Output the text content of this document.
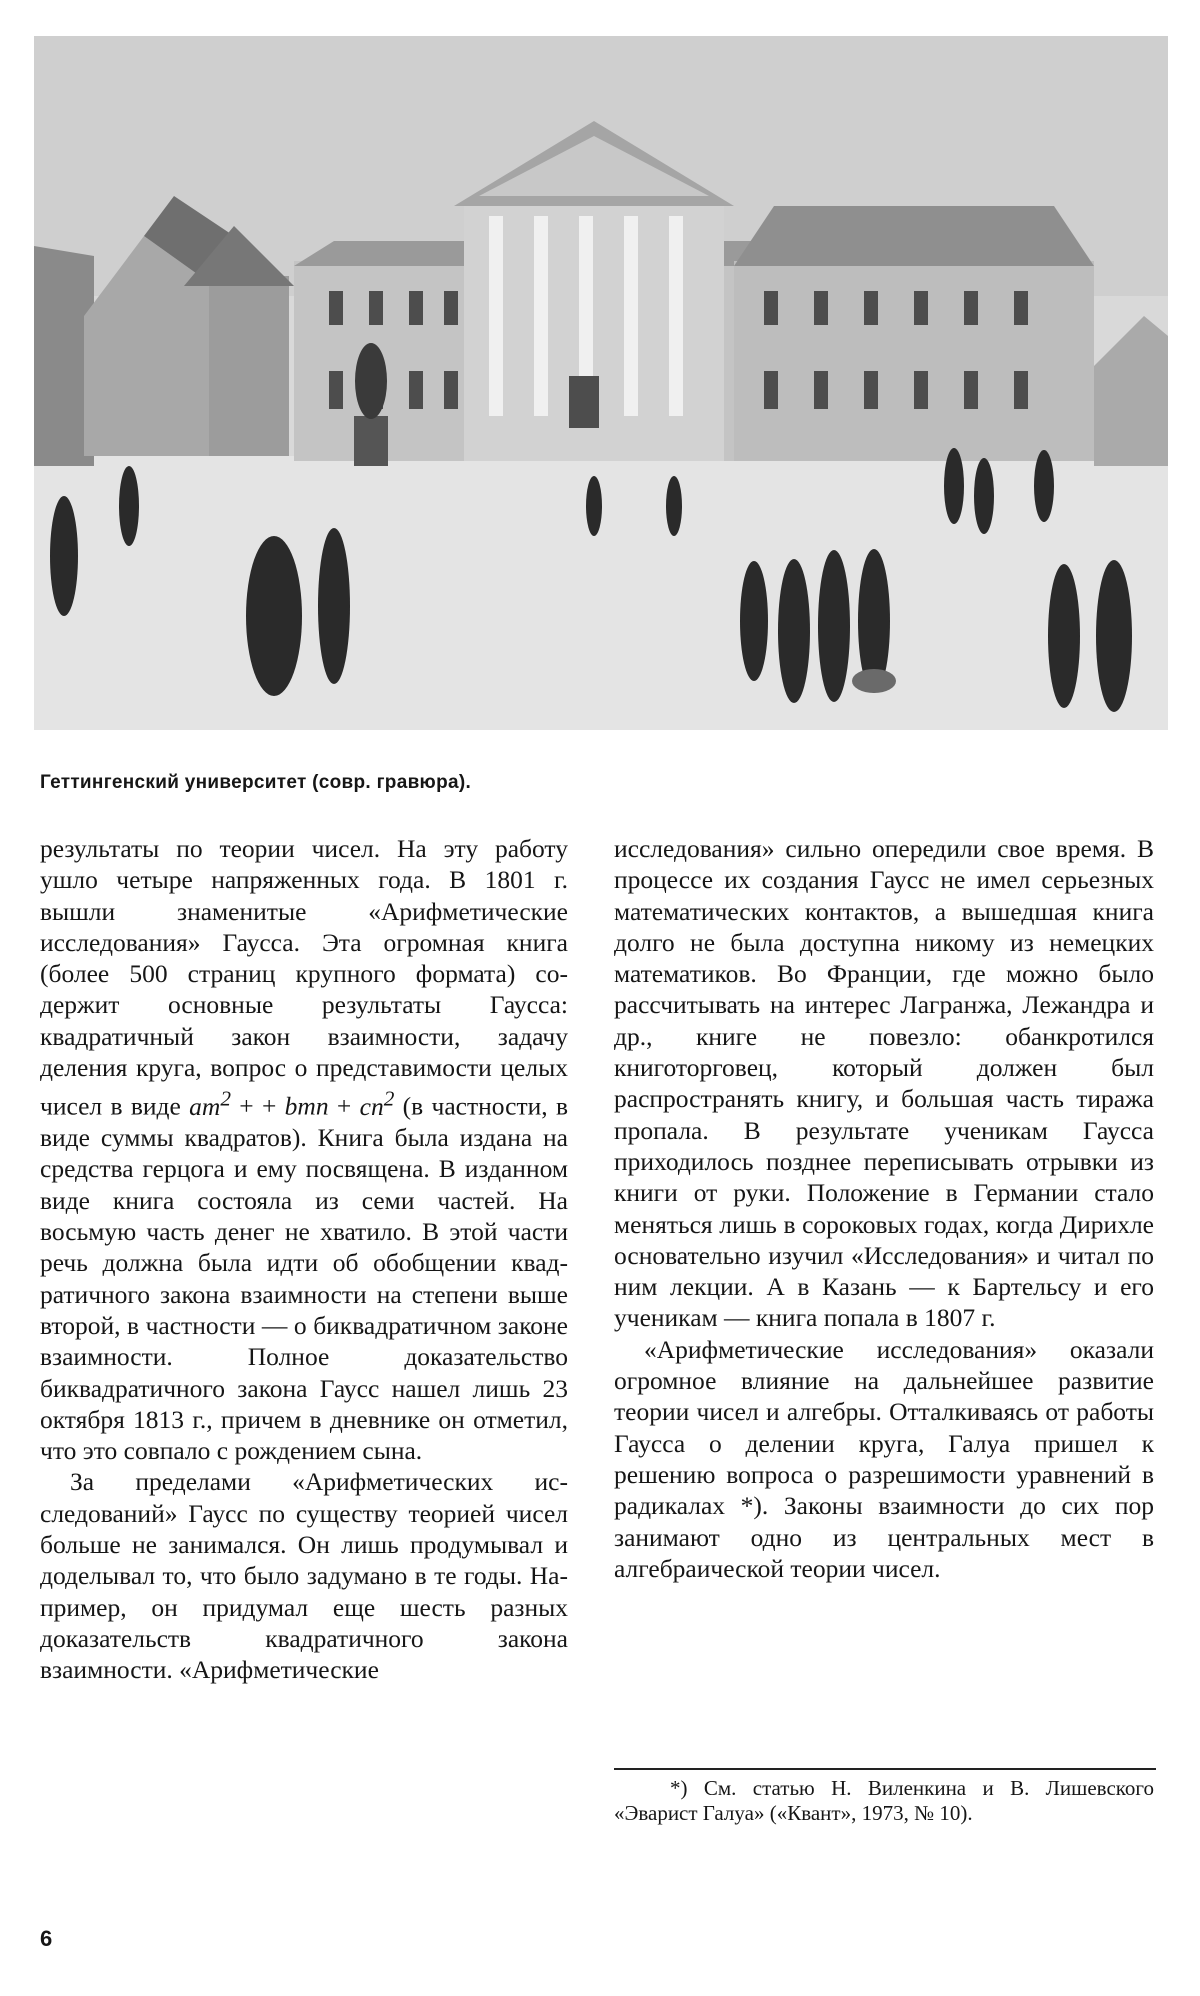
Геттингенский университет (совр. гравюра).

результаты по теории чисел. На эту работу ушло четыре напряженных года. В 1801 г. вышли знаменитые «Арифметические исследования» Гаусса. Эта огромная книга (более 500 страниц крупного формата) содержит основные результаты Гаусса: квадратичный закон взаимности, задачу деления круга, вопрос о представимости целых чисел в виде $am^2$ + + bmn + $cn^2$ (в частности, в виде суммы квадратов). Книга была издана на средства герцога и ему посвящена. В изданном виде книга состояла из семи частей. На восьмую часть денег не хватило. В этой части речь должна была идти об обобщении квадратичного закона взаимности на степени выше второй, в частности — о биквадратичном законе взаимности. Полное доказательство биквадратичного закона Гаусс нашел лишь 23 октября 1813 г., причем в дневнике он отметил, что это совпало с рождением сына.

За пределами «Арифметических исследований» Гаусс по существу теорией чисел больше не занимался. Он лишь продумывал и доделывал то, что было задумано в те годы. Например, он придумал еще шесть разных доказательств квадратичного закона взаимности. «Арифметические

исследования» сильно опередили свое время. В процессе их создания Гаусс не имел серьезных математических контактов, а вышедшая книга долго не была доступна никому из немецких математиков. Во Франции, где можно было рассчитывать на интерес Лагранжа, Лежандра и др., книге не повезло: обанкротился книготорговец, который должен был распространять книгу, и большая часть тиража пропала. В результате ученикам Гаусса приходилось позднее переписывать отрывки из книги от руки. Положение в Германии стало меняться лишь в сороковых годах, когда Дирихле основательно изучил «Исследования» и читал по ним лекции. А в Казань — к Бартельсу и его ученикам — книга попала в 1807 г.

«Арифметические исследования» оказали огромное влияние на дальнейшее развитие теории чисел и алгебры. Отталкиваясь от работы Гаусса о делении круга, Галуа пришел к решению вопроса о разрешимости уравнений в радикалах *). Законы взаимности до сих пор занимают одно из центральных мест в алгебраической теории чисел.

*) См. статью Н. Виленкина и В. Лишевского «Эварист Галуа» («Квант», 1973, № 10).

6
